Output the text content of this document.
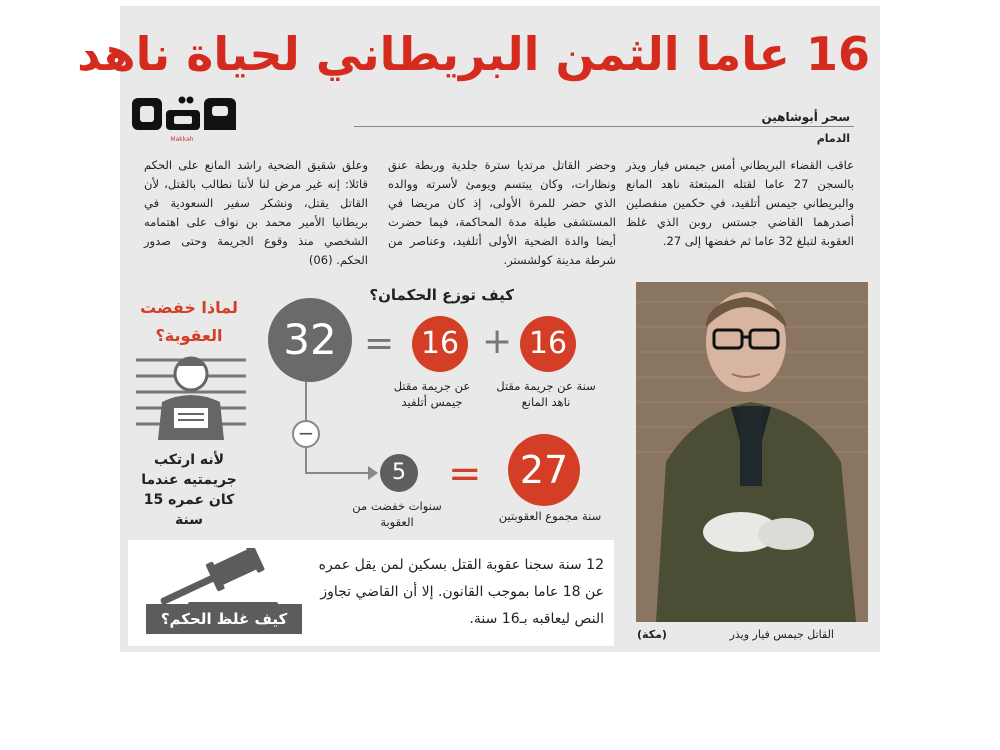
16 عاما الثمن البريطاني لحياة ناهد
Makkah
سحر أبوشاهين
الدمام
عاقب القضاء البريطاني أمس جيمس فيار ويذر بالسجن 27 عاما لقتله المبتعثة ناهد المانع والبريطاني جيمس أتلفيد، في حكمين منفصلين أصدرهما القاضي جستس روبن الذي غلظ العقوبة لتبلغ 32 عاما ثم خفضها إلى 27.
وحضر القاتل مرتديا سترة جلدية وربطة عنق ونظارات، وكان يبتسم ويومئ لأسرته ووالده الذي حضر للمرة الأولى، إذ كان مريضا في المستشفى طيلة مدة المحاكمة، فيما حضرت أيضا والدة الضحية الأولى أتلفيد، وعناصر من شرطة مدينة كولشستر.
وعلق شقيق الضحية راشد المانع على الحكم قائلا: إنه غير مرض لنا لأننا نطالب بالقتل، لأن القاتل يقتل، ونشكر سفير السعودية في بريطانيا الأمير محمد بن نواف على اهتمامه الشخصي منذ وقوع الجريمة وحتى صدور الحكم. (06)
القاتل جيمس فيار ويذر
(مكة)
كيف توزع الحكمان؟
32 = 16 + 16
عن جريمة مقتل جيمس أتلفيد
سنة عن جريمة مقتل ناهد المانع
−
5
سنوات خفضت من العقوبة
=	27
سنة مجموع العقوبتين
لماذا خفضت العقوبة؟
لأنه ارتكب جريمتيه عندما كان عمره 15 سنة
كيف غلظ الحكم؟
12 سنة سجنا عقوبة القتل بسكين لمن يقل عمره عن 18 عاما بموجب القانون. إلا أن القاضي تجاوز النص ليعاقبه بـ16 سنة.
